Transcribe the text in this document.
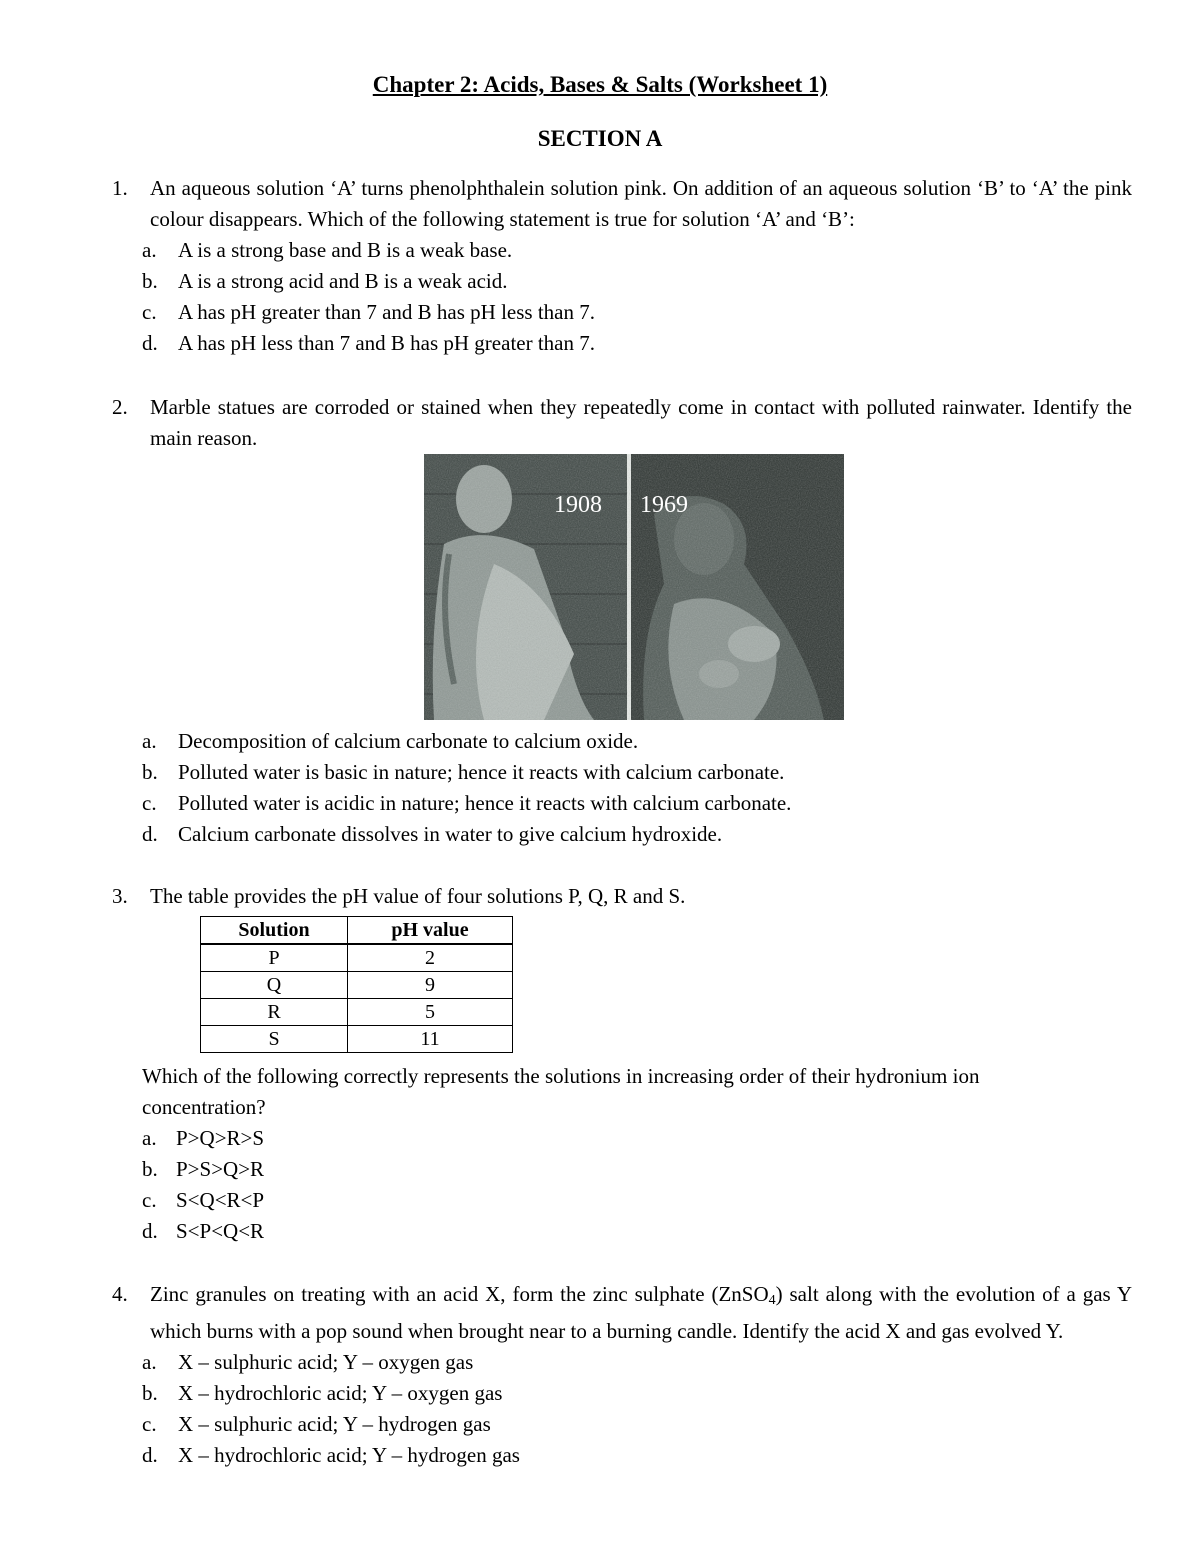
Chapter 2: Acids, Bases & Salts (Worksheet 1)
SECTION A
1. An aqueous solution ‘A’ turns phenolphthalein solution pink. On addition of an aqueous solution ‘B’ to ‘A’ the pink colour disappears. Which of the following statement is true for solution ‘A’ and ‘B’:
a. A is a strong base and B is a weak base.
b. A is a strong acid and B is a weak acid.
c. A has pH greater than 7 and B has pH less than 7.
d. A has pH less than 7 and B has pH greater than 7.
2. Marble statues are corroded or stained when they repeatedly come in contact with polluted rainwater. Identify the main reason.
1908 1969
a. Decomposition of calcium carbonate to calcium oxide.
b. Polluted water is basic in nature; hence it reacts with calcium carbonate.
c. Polluted water is acidic in nature; hence it reacts with calcium carbonate.
d. Calcium carbonate dissolves in water to give calcium hydroxide.
3. The table provides the pH value of four solutions P, Q, R and S.
Solution	pH value
P	2
Q	9
R	5
S	11
Which of the following correctly represents the solutions in increasing order of their hydronium ion concentration?
a. P>Q>R>S
b. P>S>Q>R
c. S<Q<R<P
d. S<P<Q<R
4. Zinc granules on treating with an acid X, form the zinc sulphate (ZnSO$_4$) salt along with the evolution of a gas Y which burns with a pop sound when brought near to a burning candle. Identify the acid X and gas evolved Y.
a. X – sulphuric acid; Y – oxygen gas
b. X – hydrochloric acid; Y – oxygen gas
c. X – sulphuric acid; Y – hydrogen gas
d. X – hydrochloric acid; Y – hydrogen gas
